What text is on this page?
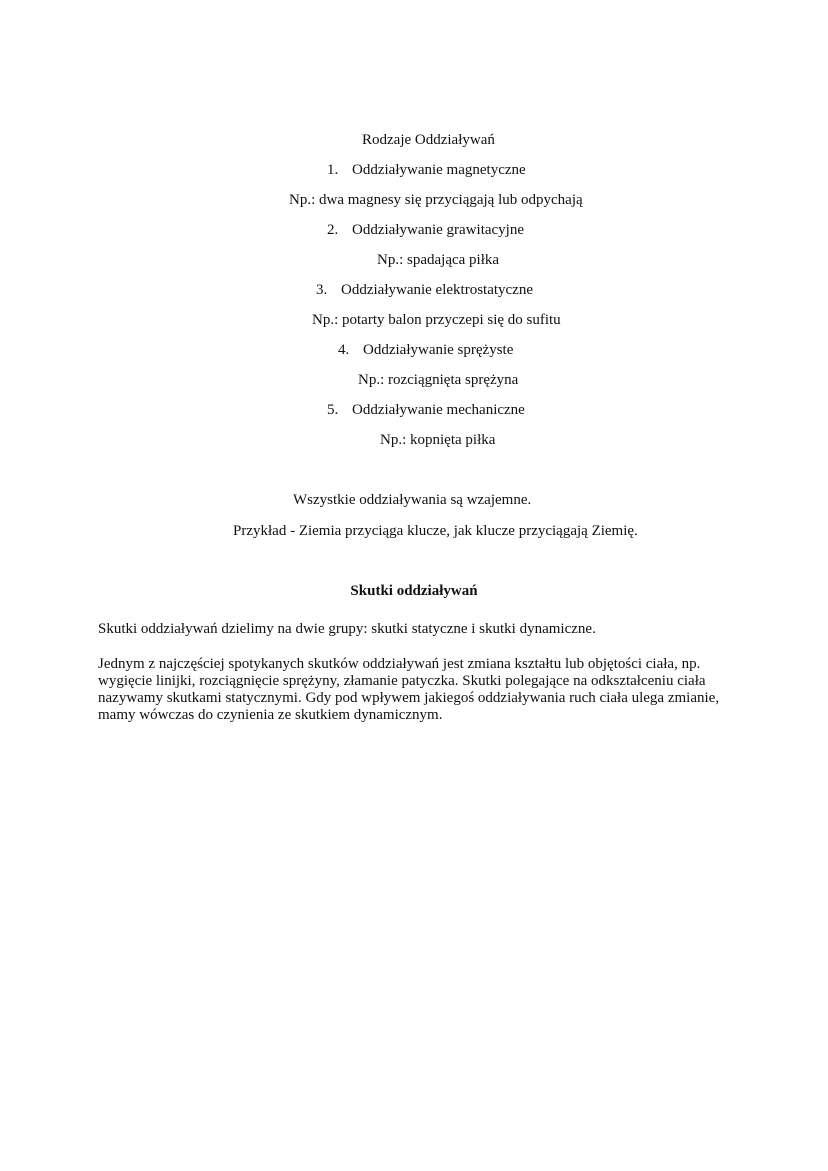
Rodzaje Oddziaływań
1. Oddziaływanie magnetyczne
Np.: dwa magnesy się przyciągają lub odpychają
2. Oddziaływanie grawitacyjne
Np.: spadająca piłka
3. Oddziaływanie elektrostatyczne
Np.: potarty balon przyczepi się do sufitu
4. Oddziaływanie sprężyste
Np.: rozciągnięta sprężyna
5. Oddziaływanie mechaniczne
Np.: kopnięta piłka
Wszystkie oddziaływania są wzajemne.
Przykład - Ziemia przyciąga klucze, jak klucze przyciągają Ziemię.
Skutki oddziaływań
Skutki oddziaływań dzielimy na dwie grupy: skutki statyczne i skutki dynamiczne.
Jednym z najczęściej spotykanych skutków oddziaływań jest zmiana kształtu lub objętości ciała, np. wygięcie linijki, rozciągnięcie sprężyny, złamanie patyczka. Skutki polegające na odkształceniu ciała nazywamy skutkami statycznymi. Gdy pod wpływem jakiegoś oddziaływania ruch ciała ulega zmianie, mamy wówczas do czynienia ze skutkiem dynamicznym.
